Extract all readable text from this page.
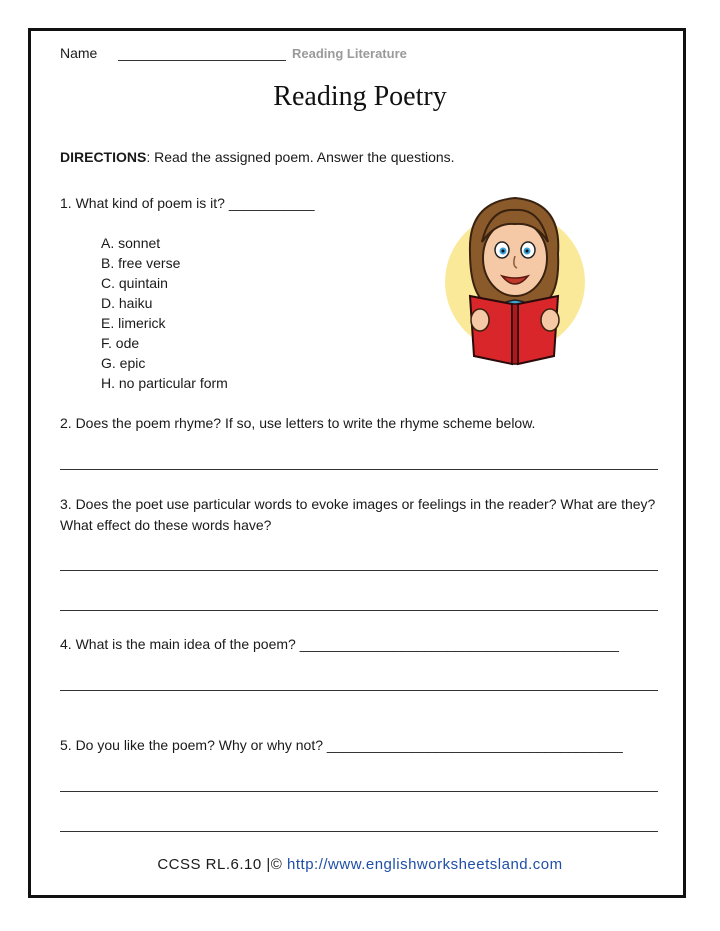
Name	Reading Literature
Reading Poetry
DIRECTIONS: Read the assigned poem. Answer the questions.
1. What kind of poem is it? ___________
A. sonnet
B. free verse
C. quintain
D. haiku
E. limerick
F. ode
G. epic
H. no particular form
2. Does the poem rhyme? If so, use letters to write the rhyme scheme below.
3. Does the poet use particular words to evoke images or feelings in the reader? What are they? What effect do these words have?
4. What is the main idea of the poem? _________________________________________
5. Do you like the poem? Why or why not? ______________________________________
CCSS RL.6.10 |© http://www.englishworksheetsland.com
